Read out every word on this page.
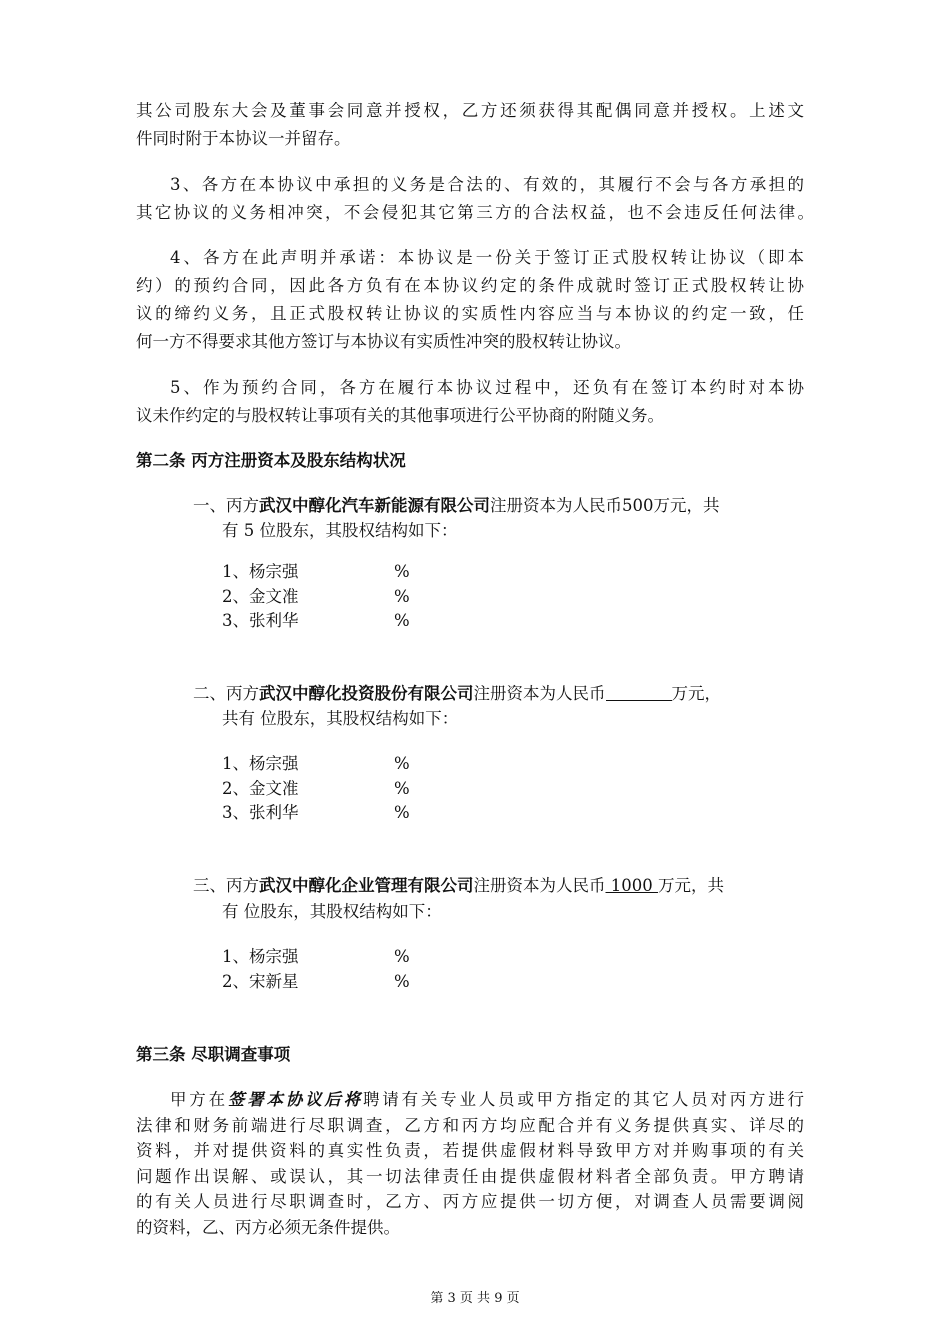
其公司股东大会及董事会同意并授权，乙方还须获得其配偶同意并授权。上述文
件同时附于本协议一并留存。
3、各方在本协议中承担的义务是合法的、有效的，其履行不会与各方承担的
其它协议的义务相冲突，不会侵犯其它第三方的合法权益，也不会违反任何法律。
4、各方在此声明并承诺：本协议是一份关于签订正式股权转让协议（即本
约）的预约合同，因此各方负有在本协议约定的条件成就时签订正式股权转让协
议的缔约义务，且正式股权转让协议的实质性内容应当与本协议的约定一致，任
何一方不得要求其他方签订与本协议有实质性冲突的股权转让协议。
5、作为预约合同，各方在履行本协议过程中，还负有在签订本约时对本协
议未作约定的与股权转让事项有关的其他事项进行公平协商的附随义务。
第二条 丙方注册资本及股东结构状况
一、丙方武汉中醇化汽车新能源有限公司注册资本为人民币500万元，共
有 5 位股东，其股权结构如下：
1、杨宗强	%
2、金文准	%
3、张利华	%
二、丙方武汉中醇化投资股份有限公司注册资本为人民币	万元，
共有 位股东，其股权结构如下：
1、杨宗强	%
2、金文准	%
3、张利华	%
三、丙方武汉中醇化企业管理有限公司注册资本为人民币 1000 万元，共
有 位股东，其股权结构如下：
1、杨宗强	%
2、宋新星	%
第三条 尽职调查事项
甲方在签署本协议后将聘请有关专业人员或甲方指定的其它人员对丙方进行
法律和财务前端进行尽职调查，乙方和丙方均应配合并有义务提供真实、详尽的
资料，并对提供资料的真实性负责，若提供虚假材料导致甲方对并购事项的有关
问题作出误解、或误认，其一切法律责任由提供虚假材料者全部负责。甲方聘请
的有关人员进行尽职调查时，乙方、丙方应提供一切方便，对调查人员需要调阅
的资料，乙、丙方必须无条件提供。
第 3 页 共 9 页
